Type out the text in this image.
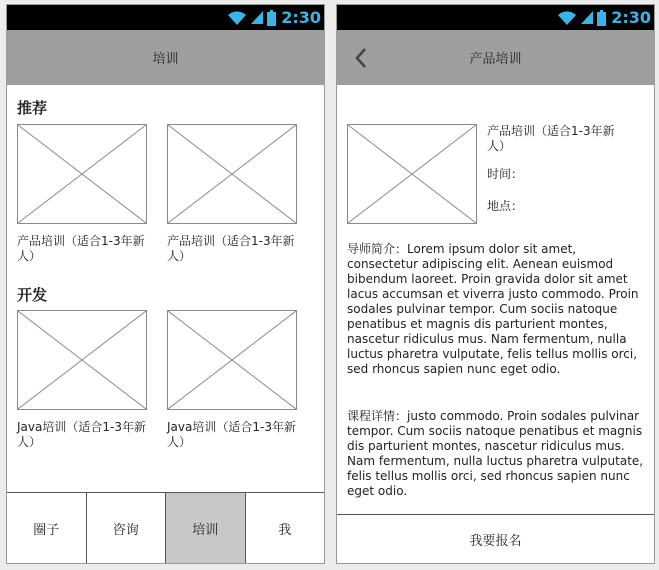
2:30
培训
推荐
产品培训（适合1-3年新人）
产品培训（适合1-3年新人）
开发
Java培训（适合1-3年新人）
Java培训（适合1-3年新人）
圈子	咨询	培训	我
2:30
产品培训
产品培训（适合1-3年新人）
时间：
地点：
导师简介：Lorem ipsum dolor sit amet, consectetur adipiscing elit. Aenean euismod bibendum laoreet. Proin gravida dolor sit amet lacus accumsan et viverra justo commodo. Proin sodales pulvinar tempor. Cum sociis natoque penatibus et magnis dis parturient montes, nascetur ridiculus mus. Nam fermentum, nulla luctus pharetra vulputate, felis tellus mollis orci, sed rhoncus sapien nunc eget odio.
课程详情：justo commodo. Proin sodales pulvinar tempor. Cum sociis natoque penatibus et magnis dis parturient montes, nascetur ridiculus mus. Nam fermentum, nulla luctus pharetra vulputate, felis tellus mollis orci, sed rhoncus sapien nunc eget odio.
我要报名
